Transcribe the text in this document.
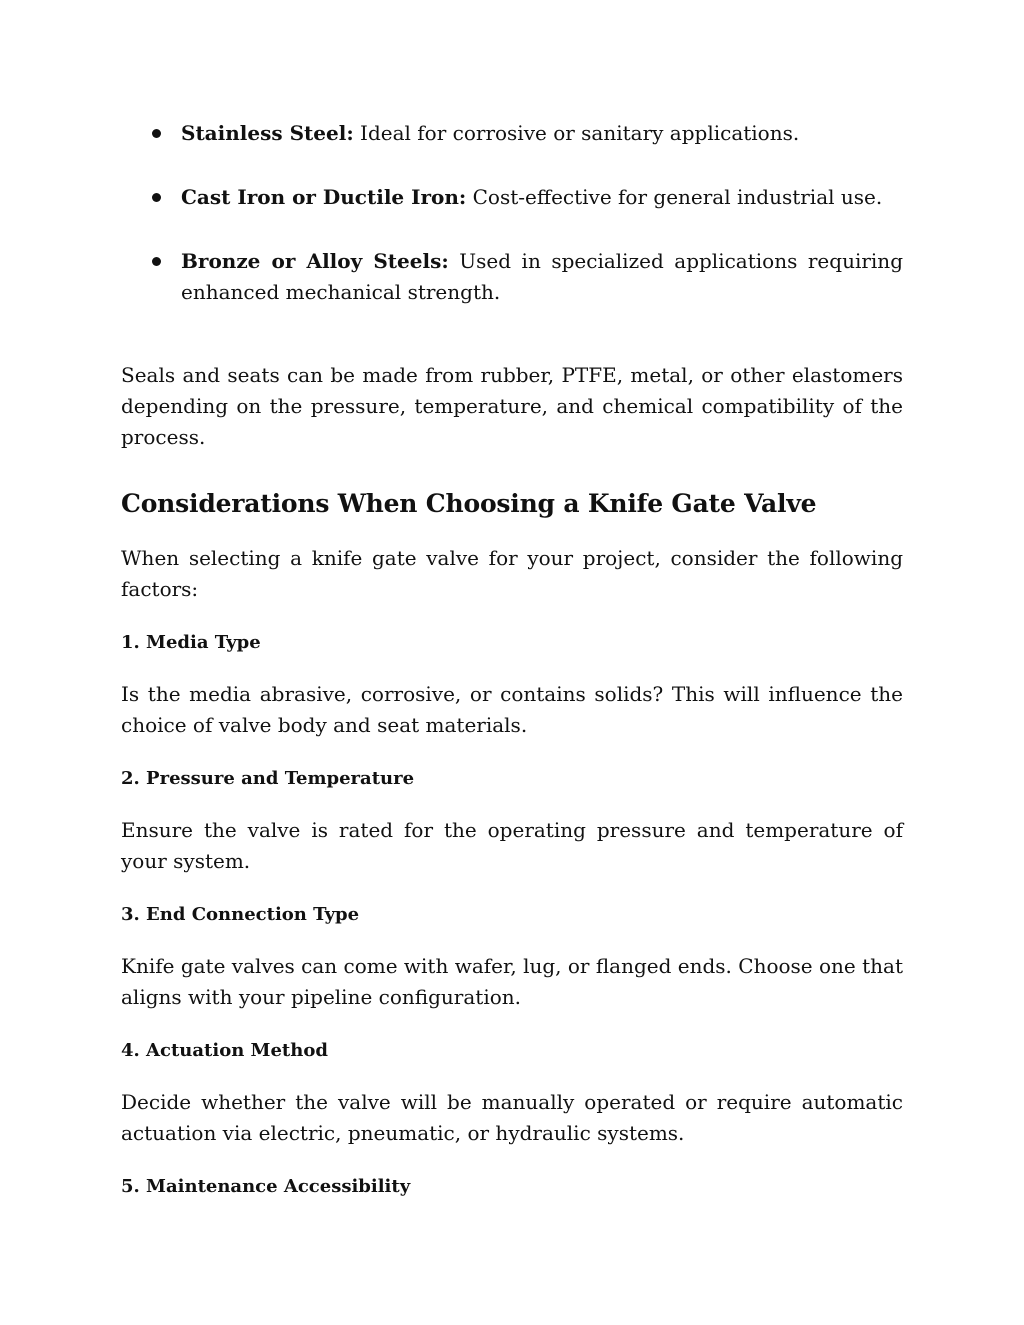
Stainless Steel: Ideal for corrosive or sanitary applications.
Cast Iron or Ductile Iron: Cost-effective for general industrial use.
Bronze or Alloy Steels: Used in specialized applications requiring enhanced mechanical strength.

Seals and seats can be made from rubber, PTFE, metal, or other elastomers depending on the pressure, temperature, and chemical compatibility of the process.

Considerations When Choosing a Knife Gate Valve

When selecting a knife gate valve for your project, consider the following factors:

1. Media Type

Is the media abrasive, corrosive, or contains solids? This will influence the choice of valve body and seat materials.

2. Pressure and Temperature

Ensure the valve is rated for the operating pressure and temperature of your system.

3. End Connection Type

Knife gate valves can come with wafer, lug, or flanged ends. Choose one that aligns with your pipeline configuration.

4. Actuation Method

Decide whether the valve will be manually operated or require automatic actuation via electric, pneumatic, or hydraulic systems.

5. Maintenance Accessibility
